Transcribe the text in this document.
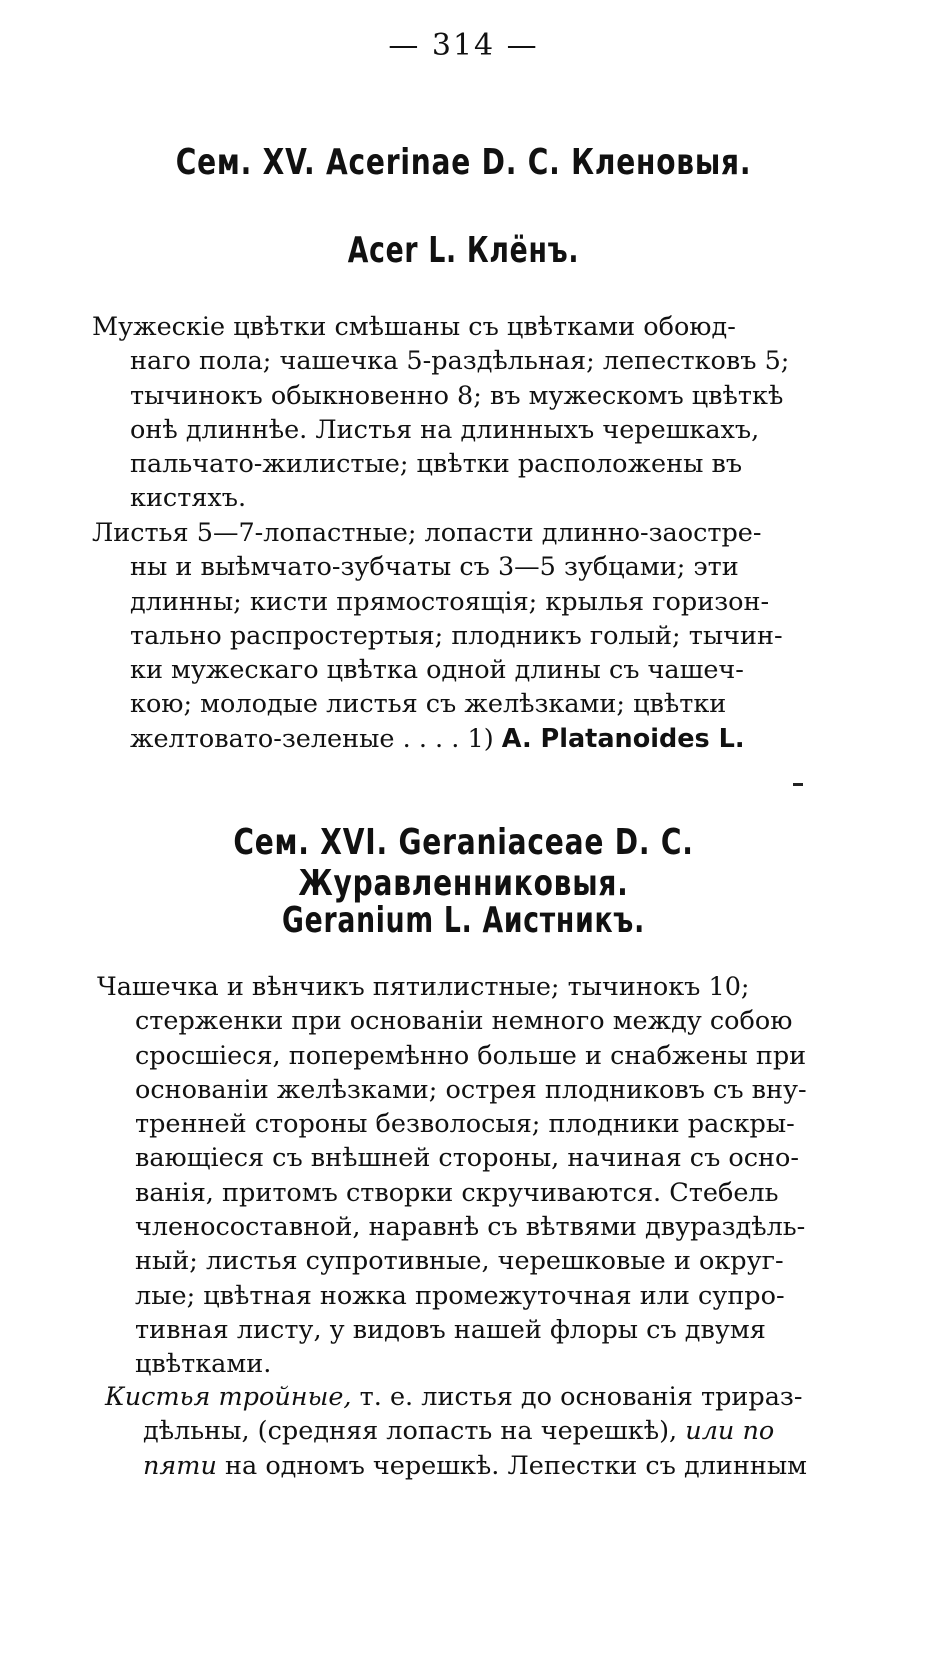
— 314 —
Сем. XV. Acerinae D. C. Кленовыя.
Acer L. Клёнъ.
Мужескіе цвѣтки смѣшаны съ цвѣтками обоюд-
наго пола; чашечка 5-раздѣльная; лепестковъ 5;
тычинокъ обыкновенно 8; въ мужескомъ цвѣткѣ
онѣ длиннѣе. Листья на длинныхъ черешкахъ,
пальчато-жилистые; цвѣтки расположены въ
кистяхъ.
Листья 5—7-лопастные; лопасти длинно-заостре-
ны и выѣмчато-зубчаты съ 3—5 зубцами; эти
длинны; кисти прямостоящія; крылья горизон-
тально распростертыя; плодникъ голый; тычин-
ки мужескаго цвѣтка одной длины съ чашеч-
кою; молодые листья съ желѣзками; цвѣтки
желтовато-зеленые . . . . 1) A. Platanoides L.
Сем. XVI. Geraniaceae D. C. Журавленниковыя.
Geranium L. Аистникъ.
Чашечка и вѣнчикъ пятилистные; тычинокъ 10;
стерженки при основаніи немного между собою
сросшіеся, поперемѣнно больше и снабжены при
основаніи желѣзками; острея плодниковъ съ вну-
тренней стороны безволосыя; плодники раскры-
вающіеся съ внѣшней стороны, начиная съ осно-
ванія, притомъ створки скручиваются. Стебель
членосоставной, наравнѣ съ вѣтвями двураздѣль-
ный; листья супротивные, черешковые и округ-
лые; цвѣтная ножка промежуточная или супро-
тивная листу, у видовъ нашей флоры съ двумя
цвѣтками.
Кистья тройные, т. е. листья до основанія трираз-
дѣльны, (средняя лопасть на черешкѣ), или по
пяти на одномъ черешкѣ. Лепестки съ длинным
